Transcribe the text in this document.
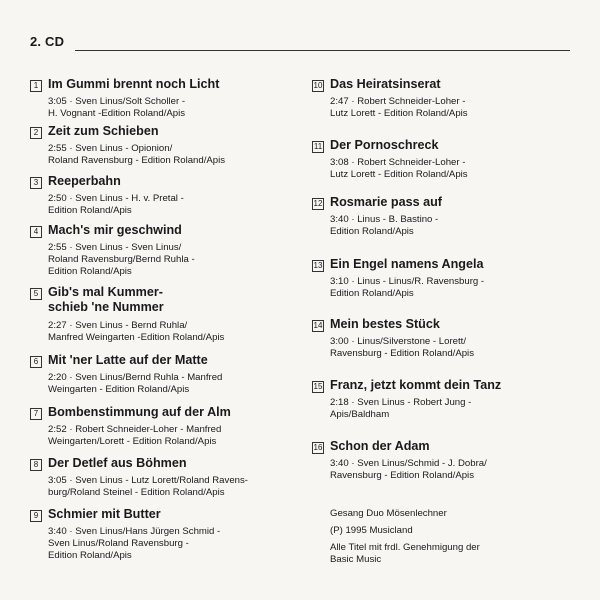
2. CD
1 Im Gummi brennt noch Licht
3:05 · Sven Linus/Solt Scholler -
H. Vognant -Edition Roland/Apis
2 Zeit zum Schieben
2:55 · Sven Linus - Opionion/
Roland Ravensburg - Edition Roland/Apis
3 Reeperbahn
2:50 · Sven Linus - H. v. Pretal -
Edition Roland/Apis
4 Mach's mir geschwind
2:55 · Sven Linus - Sven Linus/
Roland Ravensburg/Bernd Ruhla -
Edition Roland/Apis
5 Gib's mal Kummer-
schieb 'ne Nummer
2:27 · Sven Linus - Bernd Ruhla/
Manfred Weingarten -Edition Roland/Apis
6 Mit 'ner Latte auf der Matte
2:20 · Sven Linus/Bernd Ruhla - Manfred
Weingarten - Edition Roland/Apis
7 Bombenstimmung auf der Alm
2:52 · Robert Schneider-Loher - Manfred
Weingarten/Lorett - Edition Roland/Apis
8 Der Detlef aus Böhmen
3:05 · Sven Linus - Lutz Lorett/Roland Ravens-
burg/Roland Steinel - Edition Roland/Apis
9 Schmier mit Butter
3:40 · Sven Linus/Hans Jürgen Schmid -
Sven Linus/Roland Ravensburg -
Edition Roland/Apis
10 Das Heiratsinserat
2:47 · Robert Schneider-Loher -
Lutz Lorett - Edition Roland/Apis
11 Der Pornoschreck
3:08 · Robert Schneider-Loher -
Lutz Lorett - Edition Roland/Apis
12 Rosmarie pass auf
3:40 · Linus - B. Bastino -
Edition Roland/Apis
13 Ein Engel namens Angela
3:10 · Linus - Linus/R. Ravensburg -
Edition Roland/Apis
14 Mein bestes Stück
3:00 · Linus/Silverstone - Lorett/
Ravensburg - Edition Roland/Apis
15 Franz, jetzt kommt dein Tanz
2:18 · Sven Linus - Robert Jung -
Apis/Baldham
16 Schon der Adam
3:40 · Sven Linus/Schmid - J. Dobra/
Ravensburg - Edition Roland/Apis
Gesang Duo Mösenlechner
(P) 1995 Musicland
Alle Titel mit frdl. Genehmigung der
Basic Music
